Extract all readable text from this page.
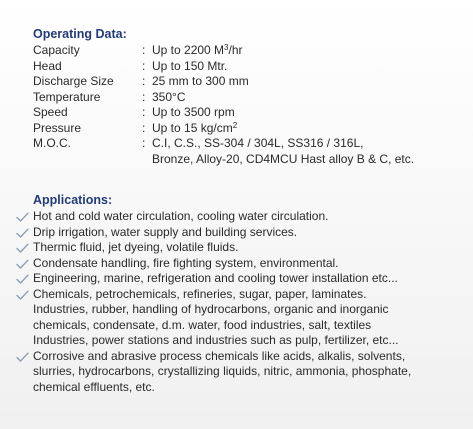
Operating Data:
Capacity	: Up to 2200 $M^3/hr$
Head	: Up to 150 Mtr.
Discharge Size : 25 mm to 300 mm
Temperature	: 350°C
Speed	: Up to 3500 rpm
Pressure	: Up to 15 $kg/cm^2$
M.O.C.	: C.I, C.S., SS-304 / 304L, SS316 / 316L,
Bronze, Alloy-20, CD4MCU Hast alloy B & C, etc.
Applications:
Hot and cold water circulation, cooling water circulation.
Drip irrigation, water supply and building services.
Thermic fluid, jet dyeing, volatile fluids.
Condensate handling, fire fighting system, environmental.
Engineering, marine, refrigeration and cooling tower installation etc...
Chemicals, petrochemicals, refineries, sugar, paper, laminates.
Industries, rubber, handling of hydrocarbons, organic and inorganic
chemicals, condensate, d.m. water, food industries, salt, textiles
Industries, power stations and industries such as pulp, fertilizer, etc...
Corrosive and abrasive process chemicals like acids, alkalis, solvents,
slurries, hydrocarbons, crystallizing liquids, nitric, ammonia, phosphate,
chemical effluents, etc.
